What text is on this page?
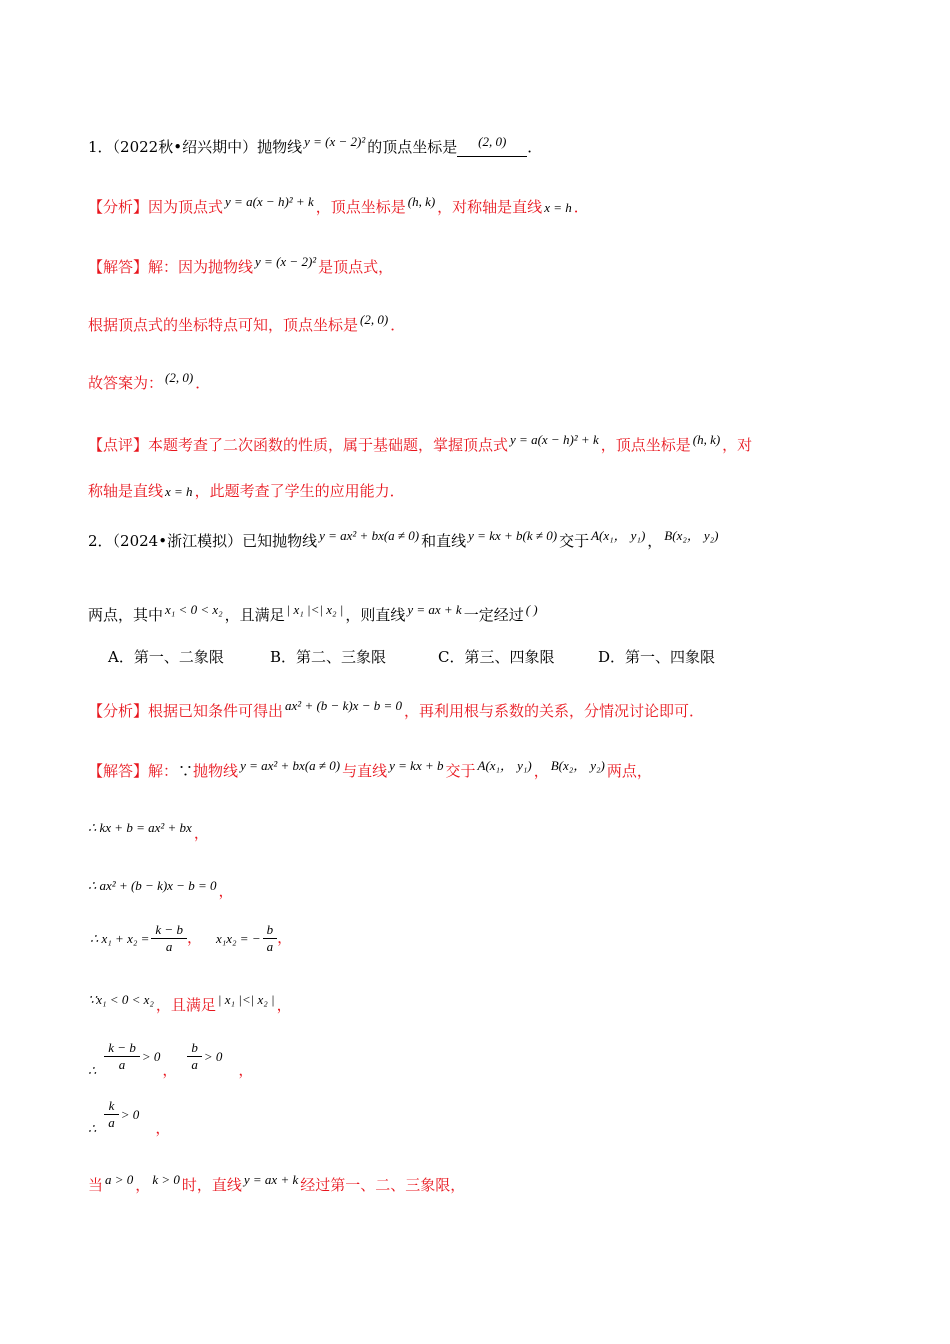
1．（2022秋•绍兴期中）抛物线 y = (x − 2)² 的顶点坐标是 (2, 0) ．
【分析】因为顶点式 y = a(x − h)² + k ，顶点坐标是 (h, k) ，对称轴是直线 x = h ．
【解答】解：因为抛物线 y = (x − 2)² 是顶点式，
根据顶点式的坐标特点可知，顶点坐标是 (2, 0) ．
故答案为： (2, 0) ．
【点评】本题考查了二次函数的性质，属于基础题，掌握顶点式 y = a(x − h)² + k ，顶点坐标是 (h, k) ，对
称轴是直线 x = h ，此题考查了学生的应用能力．
2．（2024•浙江模拟）已知抛物线 y = ax² + bx(a ≠ 0) 和直线 y = kx + b(k ≠ 0) 交于 A(x₁， y₁) ， B(x₂， y₂)
两点，其中 x₁ < 0 < x₂ ，且满足 | x₁ |<| x₂ | ，则直线 y = ax + k 一定经过 ( )
A．第一、二象限	B．第二、三象限	C．第三、四象限	D．第一、四象限
【分析】根据已知条件可得出 ax² + (b − k)x − b = 0 ，再利用根与系数的关系，分情况讨论即可．
【解答】解：∵抛物线 y = ax² + bx(a ≠ 0) 与直线 y = kx + b 交于 A(x₁， y₁) ， B(x₂， y₂) 两点，
∴ kx + b = ax² + bx ，
∴ ax² + (b − k)x − b = 0 ，
∴ $x_1 + x_2 = \frac{k - b}{a}$ ， x₁x₂ = − $\frac{b}{a}$ ，
∵x₁ < 0 < x₂ ，且满足 | x₁ |<| x₂ | ，
∴ $\frac{k - b}{a} > 0$， $\frac{b}{a} > 0$，
∴ $\frac{k}{a} > 0$，
当 a > 0 ， k > 0 时，直线 y = ax + k 经过第一、二、三象限，
